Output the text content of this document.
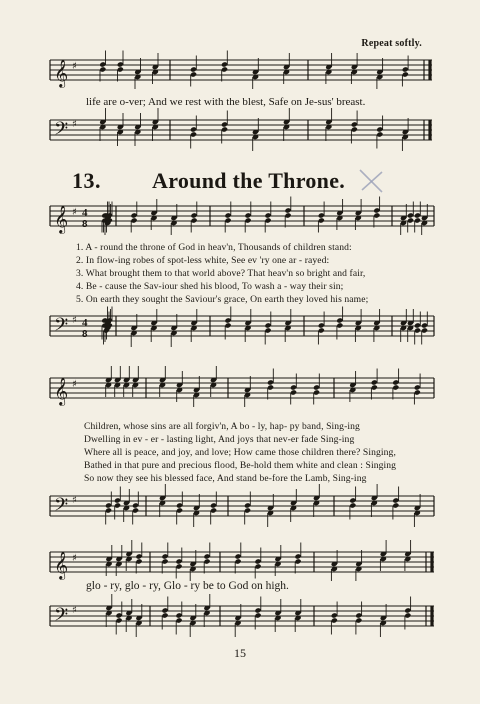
Repeat softly.
𝄞 ♯
life are o-ver; And we rest with the blest, Safe on Je-sus' breast.
𝄢 ♯
13. Around the Throne.
𝄞 ♯ 4
8
1. A - round the throne of God in heav'n, Thousands of children stand:
2. In flow-ing robes of spot-less white, See ev 'ry one ar - rayed:
3. What brought them to that world above? That heav'n so bright and fair,
4. Be - cause the Sav-iour shed his blood, To wash a - way their sin;
5. On earth they sought the Saviour's grace, On earth they loved his name;
𝄢 ♯ 4
8
𝄞 ♯
Children, whose sins are all forgiv'n, A bo - ly, hap- py band, Sing-ing
Dwelling in ev - er - lasting light, And joys that nev-er fade Sing-ing
Where all is peace, and joy, and love; How came those children there? Singing,
Bathed in that pure and precious flood, Be-hold them white and clean : Singing
So now they see his blessed face, And stand be-fore the Lamb, Sing-ing
𝄢 ♯
𝄞 ♯
glo - ry, glo - ry, Glo - ry be to God on high.
𝄢 ♯
15
